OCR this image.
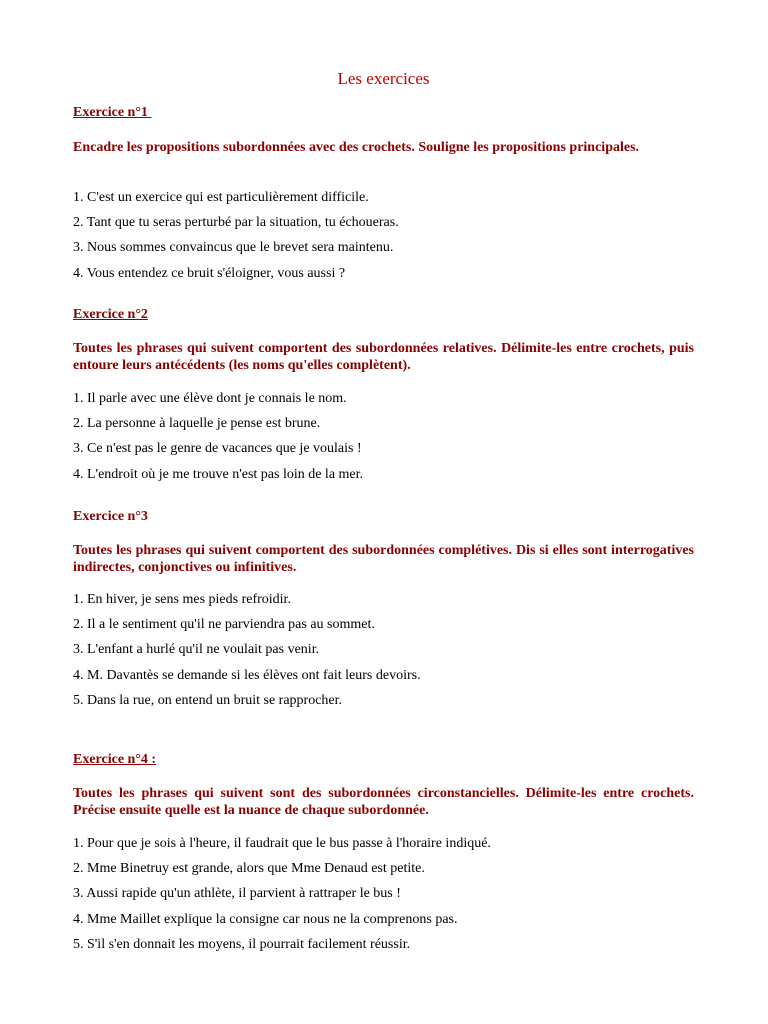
Les exercices
Exercice n°1
Encadre les propositions subordonnées avec des crochets. Souligne les propositions principales.
1. C'est un exercice qui est particulièrement difficile.
2. Tant que tu seras perturbé par la situation, tu échoueras.
3. Nous sommes convaincus que le brevet sera maintenu.
4. Vous entendez ce bruit s'éloigner, vous aussi ?
Exercice n°2
Toutes les phrases qui suivent comportent des subordonnées relatives. Délimite-les entre crochets, puis entoure leurs antécédents (les noms qu'elles complètent).
1. Il parle avec une élève dont je connais le nom.
2. La personne à laquelle je pense est brune.
3. Ce n'est pas le genre de vacances que je voulais !
4. L'endroit où je me trouve n'est pas loin de la mer.
Exercice n°3
Toutes les phrases qui suivent comportent des subordonnées complétives. Dis si elles sont interrogatives indirectes, conjonctives ou infinitives.
1. En hiver, je sens mes pieds refroidir.
2. Il a le sentiment qu'il ne parviendra pas au sommet.
3. L'enfant a hurlé qu'il ne voulait pas venir.
4. M. Davantès se demande si les élèves ont fait leurs devoirs.
5. Dans la rue, on entend un bruit se rapprocher.
Exercice n°4 :
Toutes les phrases qui suivent sont des subordonnées circonstancielles. Délimite-les entre crochets. Précise ensuite quelle est la nuance de chaque subordonnée.
1. Pour que je sois à l'heure, il faudrait que le bus passe à l'horaire indiqué.
2. Mme Binetruy est grande, alors que Mme Denaud est petite.
3. Aussi rapide qu'un athlète, il parvient à rattraper le bus !
4. Mme Maillet explique la consigne car nous ne la comprenons pas.
5. S'il s'en donnait les moyens, il pourrait facilement réussir.
